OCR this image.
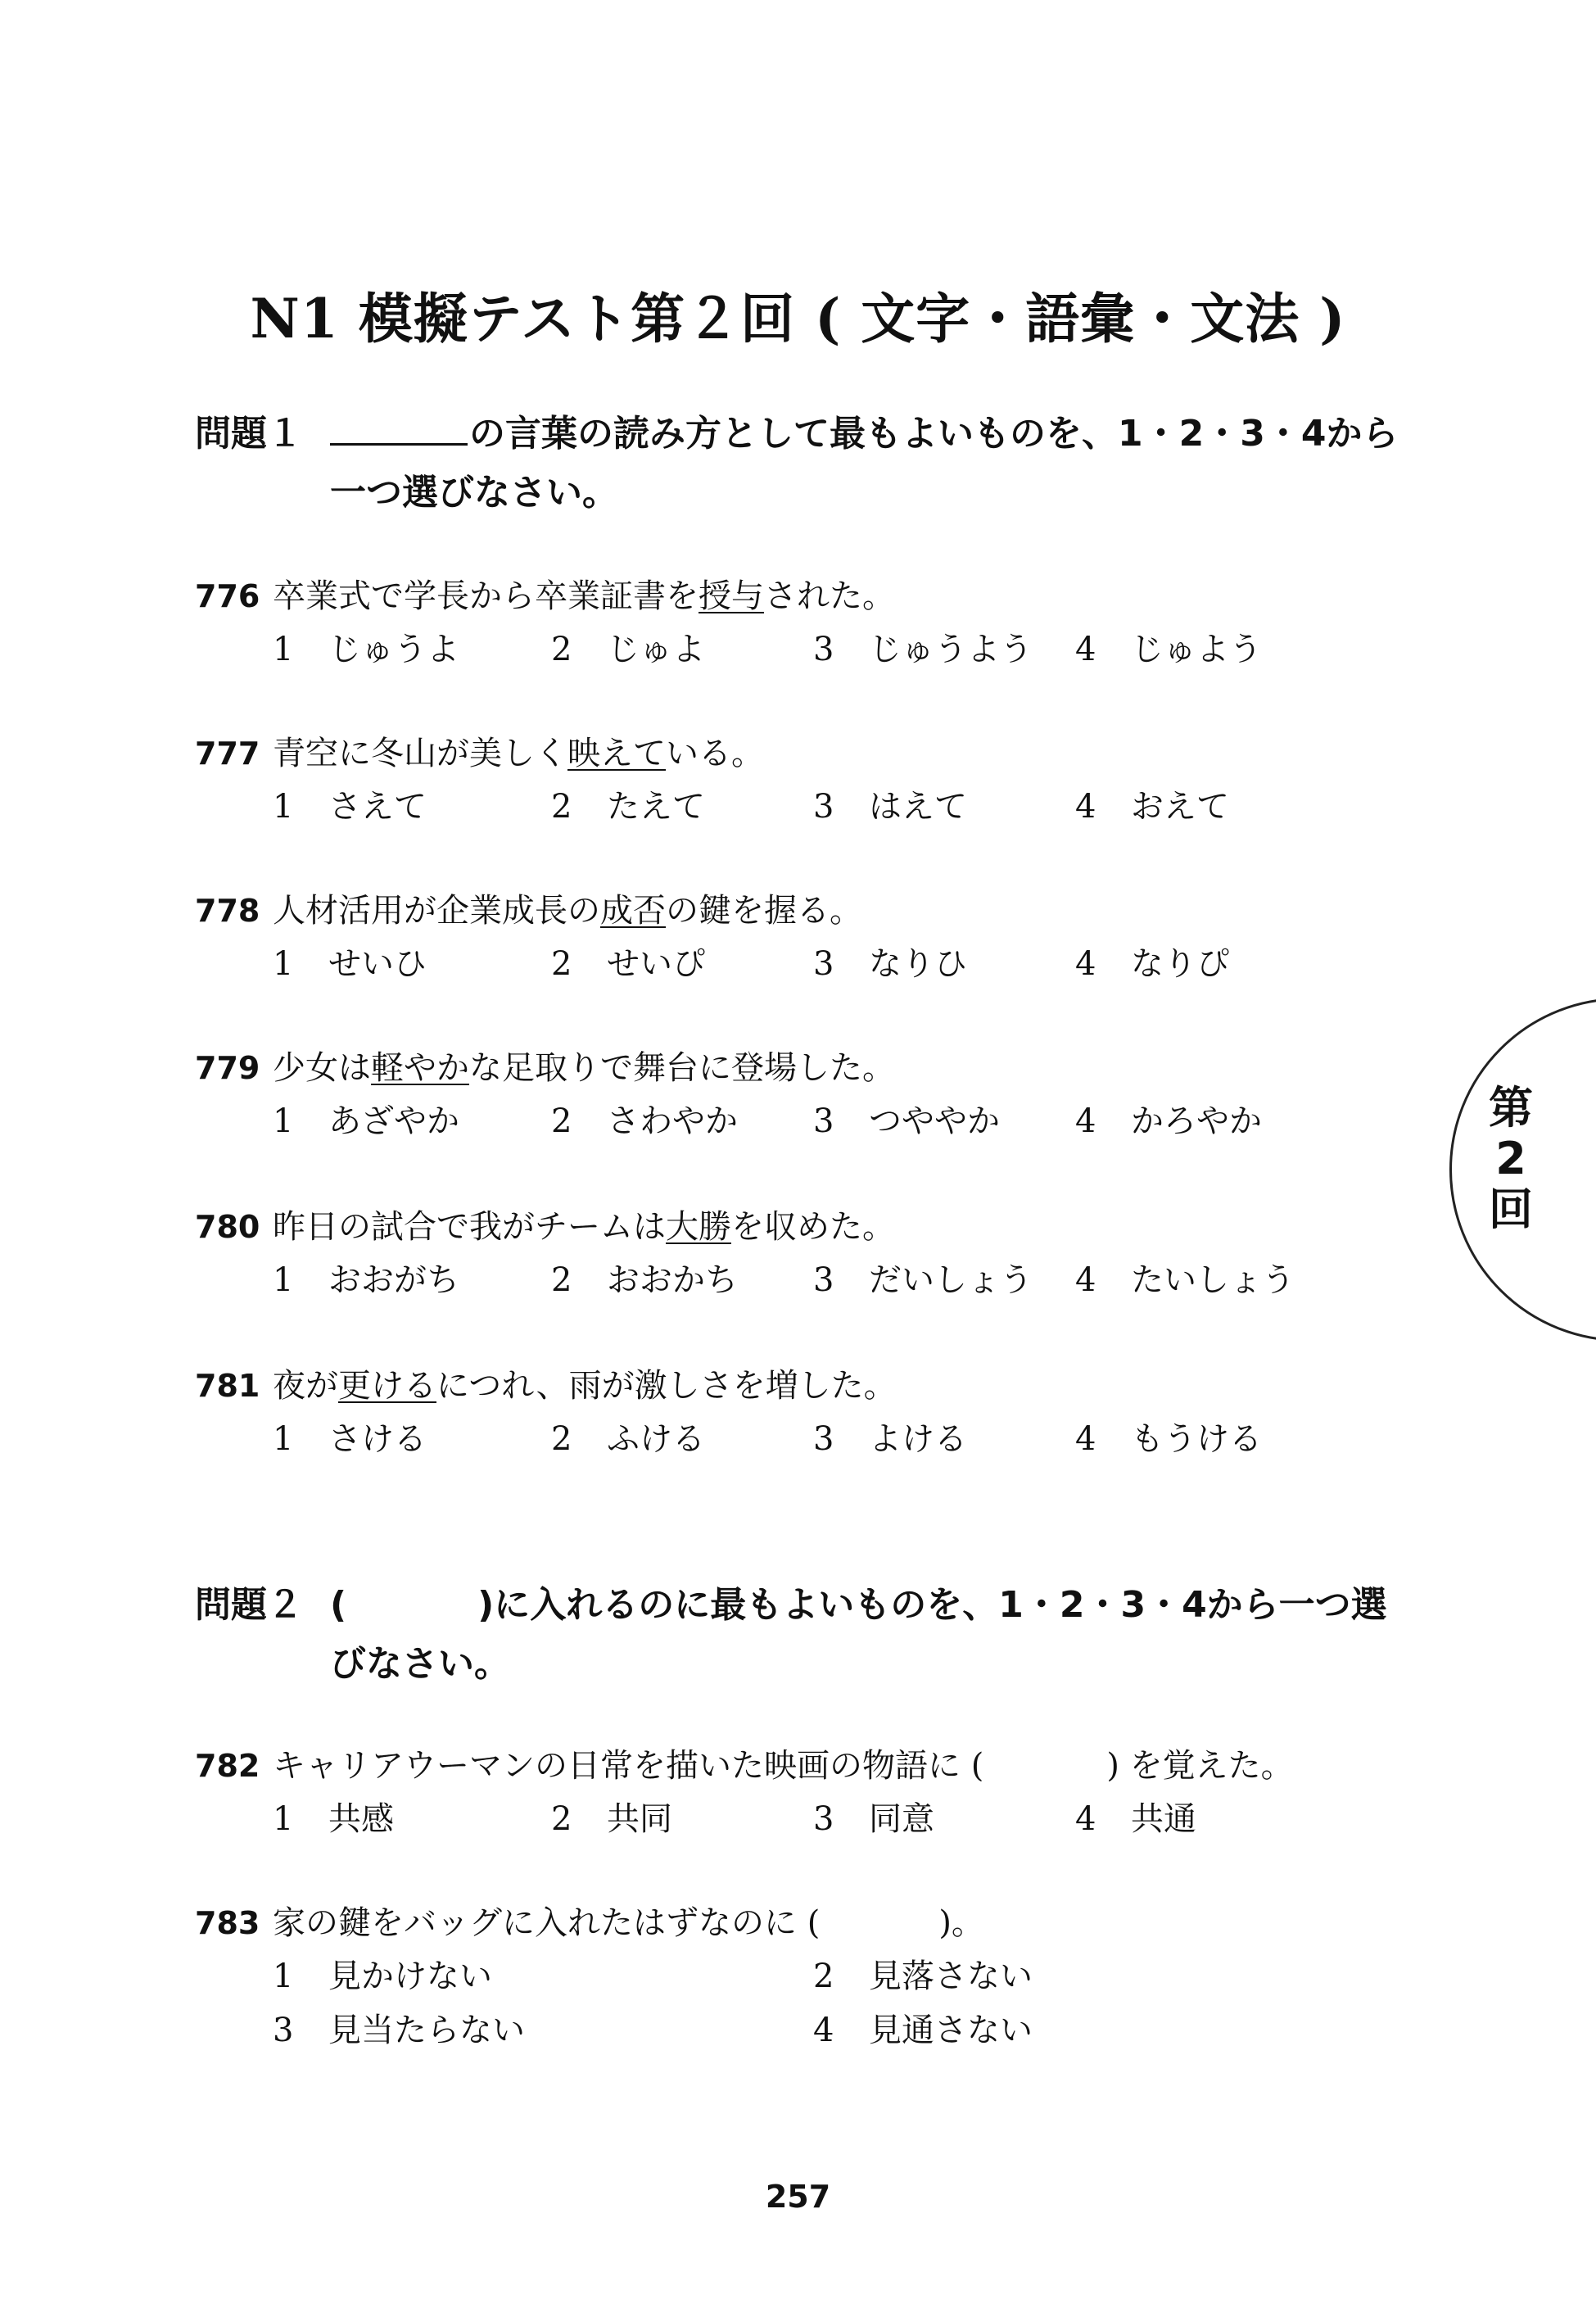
N1 模擬テスト第２回 ( 文字・語彙・文法 )
問題１	の言葉の読み方として最もよいものを、1・2・3・4から
一つ選びなさい。
776 卒業式で学長から卒業証書を授与された。
1 じゅうよ	2 じゅよ	3 じゅうよう 4 じゅよう
777 青空に冬山が美しく映えている。
1 さえて	2 たえて	3 はえて	4 おえて
778 人材活用が企業成長の成否の鍵を握る。
1 せいひ	2 せいぴ	3 なりひ	4 なりぴ
779 少女は軽やかな足取りで舞台に登場した。
1 あざやか	2 さわやか 3 つややか 4 かろやか
780 昨日の試合で我がチームは大勝を収めた。
1 おおがち	2 おおかち 3 だいしょう 4 たいしょう
781 夜が更けるにつれ、雨が激しさを増した。
1 さける	2 ふける	3 よける	4 もうける
問題２ (	)に入れるのに最もよいものを、1・2・3・4から一つ選
びなさい。
782 キャリアウーマンの日常を描いた映画の物語に (	) を覚えた。
1 共感	2 共同	3 同意	4 共通
783 家の鍵をバッグに入れたはずなのに (	)。
1 見かけない	2 見落さない
3 見当たらない	4 見通さない
第
2
回
257
